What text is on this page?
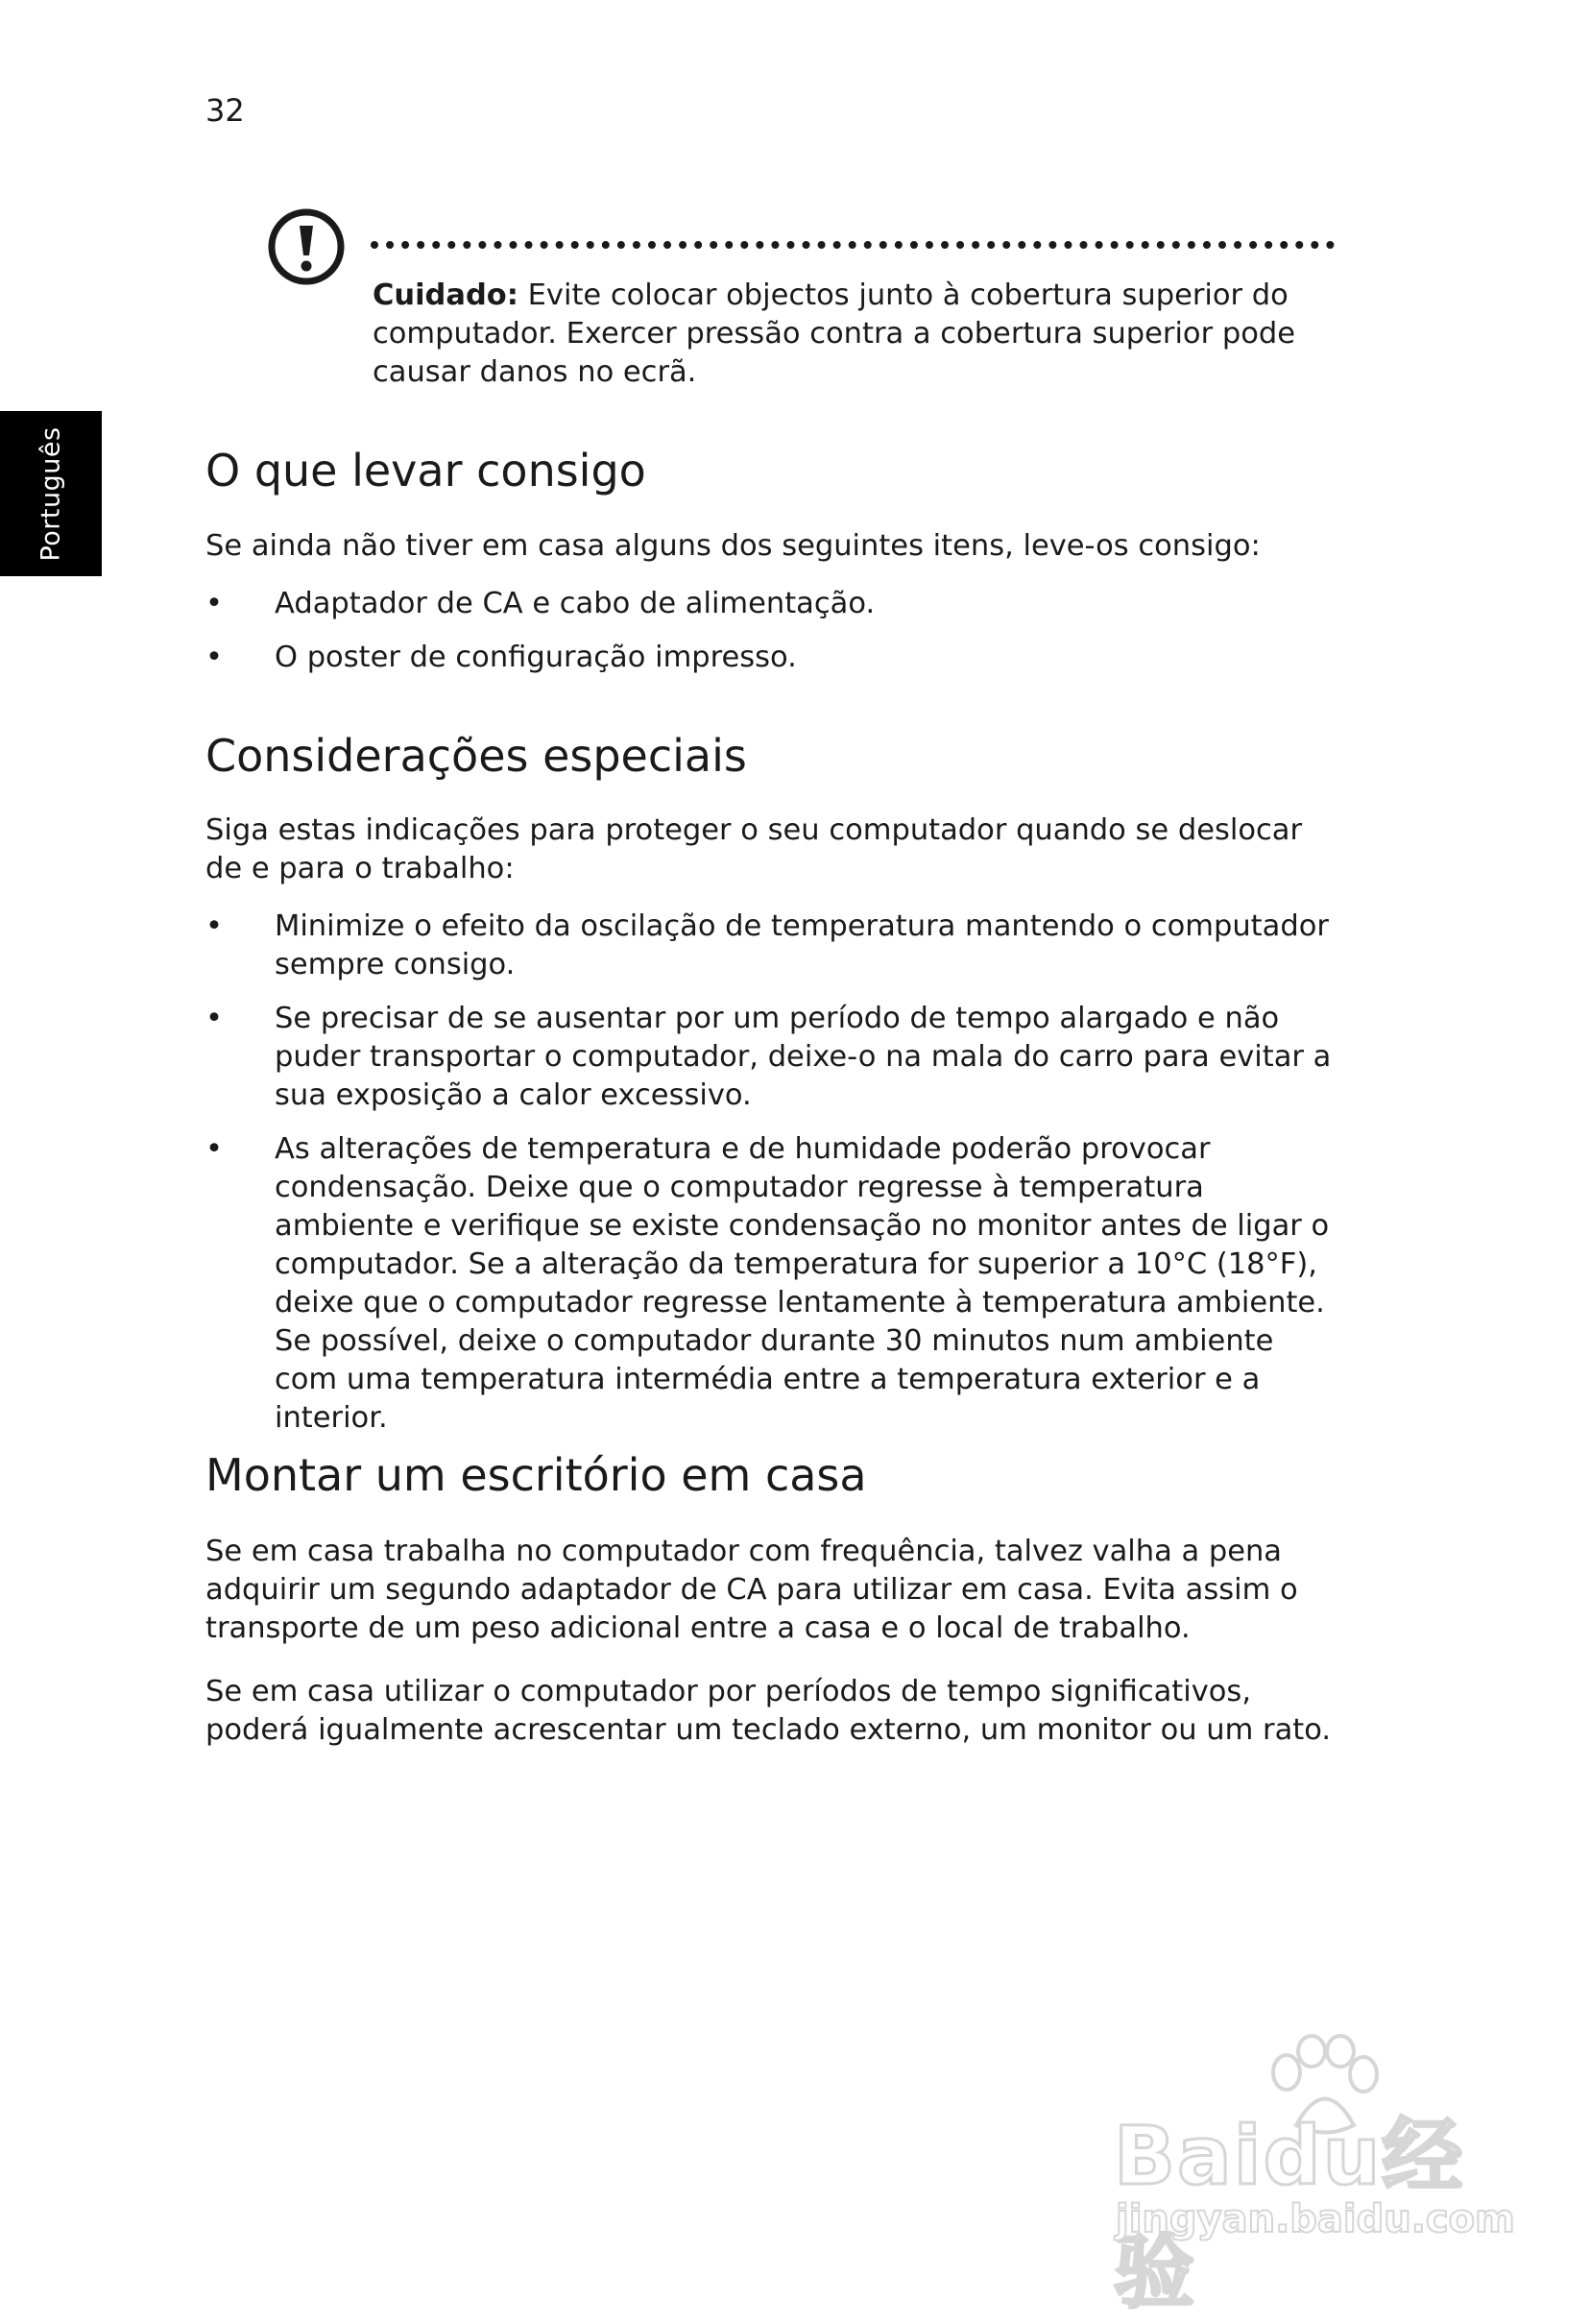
32
Português
Cuidado: Evite colocar objectos junto à cobertura superior do computador. Exercer pressão contra a cobertura superior pode causar danos no ecrã.
O que levar consigo

Se ainda não tiver em casa alguns dos seguintes itens, leve-os consigo:

•	Adaptador de CA e cabo de alimentação.
•	O poster de configuração impresso.
Considerações especiais

Siga estas indicações para proteger o seu computador quando se deslocar de e para o trabalho:

•	Minimize o efeito da oscilação de temperatura mantendo o computador sempre consigo.
•	Se precisar de se ausentar por um período de tempo alargado e não puder transportar o computador, deixe-o na mala do carro para evitar a sua exposição a calor excessivo.
•	As alterações de temperatura e de humidade poderão provocar condensação. Deixe que o computador regresse à temperatura ambiente e verifique se existe condensação no monitor antes de ligar o computador. Se a alteração da temperatura for superior a 10°C (18°F), deixe que o computador regresse lentamente à temperatura ambiente. Se possível, deixe o computador durante 30 minutos num ambiente com uma temperatura intermédia entre a temperatura exterior e a interior.
Montar um escritório em casa

Se em casa trabalha no computador com frequência, talvez valha a pena adquirir um segundo adaptador de CA para utilizar em casa. Evita assim o transporte de um peso adicional entre a casa e o local de trabalho.

Se em casa utilizar o computador por períodos de tempo significativos, poderá igualmente acrescentar um teclado externo, um monitor ou um rato.

Baidu经验
jingyan.baidu.com
